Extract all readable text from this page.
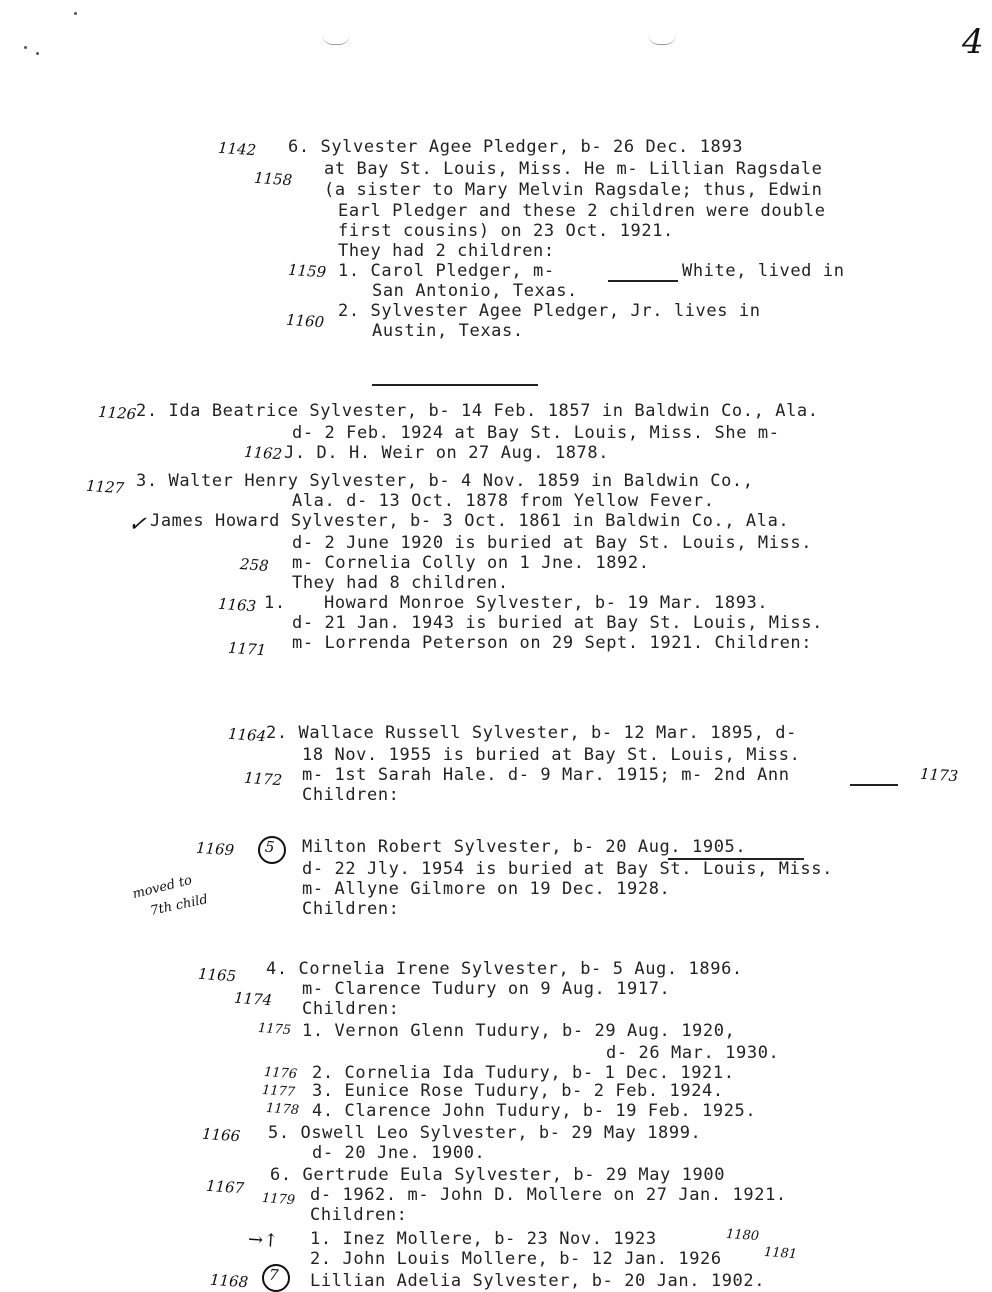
4
1142 6. Sylvester Agee Pledger, b- 26 Dec. 1893
1158 at Bay St. Louis, Miss. He m- Lillian Ragsdale
(a sister to Mary Melvin Ragsdale; thus, Edwin
Earl Pledger and these 2 children were double
first cousins) on 23 Oct. 1921.
They had 2 children:
1159 1. Carol Pledger, m-	White, lived in
San Antonio, Texas.
1160 2. Sylvester Agee Pledger, Jr. lives in
Austin, Texas.
1126 2. Ida Beatrice Sylvester, b- 14 Feb. 1857 in Baldwin Co., Ala.
d- 2 Feb. 1924 at Bay St. Louis, Miss. She m-
1162 J. D. H. Weir on 27 Aug. 1878.
1127 3. Walter Henry Sylvester, b- 4 Nov. 1859 in Baldwin Co.,
Ala. d- 13 Oct. 1878 from Yellow Fever.
✓ James Howard Sylvester, b- 3 Oct. 1861 in Baldwin Co., Ala.
d- 2 June 1920 is buried at Bay St. Louis, Miss.
258 m- Cornelia Colly on 1 Jne. 1892.
They had 8 children.
1163 1. Howard Monroe Sylvester, b- 19 Mar. 1893.
d- 21 Jan. 1943 is buried at Bay St. Louis, Miss.
1171 m- Lorrenda Peterson on 29 Sept. 1921. Children:
1164 2. Wallace Russell Sylvester, b- 12 Mar. 1895, d-
18 Nov. 1955 is buried at Bay St. Louis, Miss.
1172 m- 1st Sarah Hale. d- 9 Mar. 1915; m- 2nd Ann	1173
Children:
1169 5 Milton Robert Sylvester, b- 20 Aug. 1905.
d- 22 Jly. 1954 is buried at Bay St. Louis, Miss.
moved to	m- Allyne Gilmore on 19 Dec. 1928.
7th child	Children:
1165 4. Cornelia Irene Sylvester, b- 5 Aug. 1896.
1174 m- Clarence Tudury on 9 Aug. 1917.
Children:
1175 1. Vernon Glenn Tudury, b- 29 Aug. 1920,
d- 26 Mar. 1930.
1176 2. Cornelia Ida Tudury, b- 1 Dec. 1921.
1177 3. Eunice Rose Tudury, b- 2 Feb. 1924.
1178 4. Clarence John Tudury, b- 19 Feb. 1925.
1166 5. Oswell Leo Sylvester, b- 29 May 1899.
d- 20 Jne. 1900.
1167
6. Gertrude Eula Sylvester, b- 29 May 1900
1179 d- 1962. m- John D. Mollere on 27 Jan. 1921.
Children:
→↑ 1. Inez Mollere, b- 23 Nov. 1923	1180
2. John Louis Mollere, b- 12 Jan. 1926	1181
1168 7 Lillian Adelia Sylvester, b- 20 Jan. 1902.
